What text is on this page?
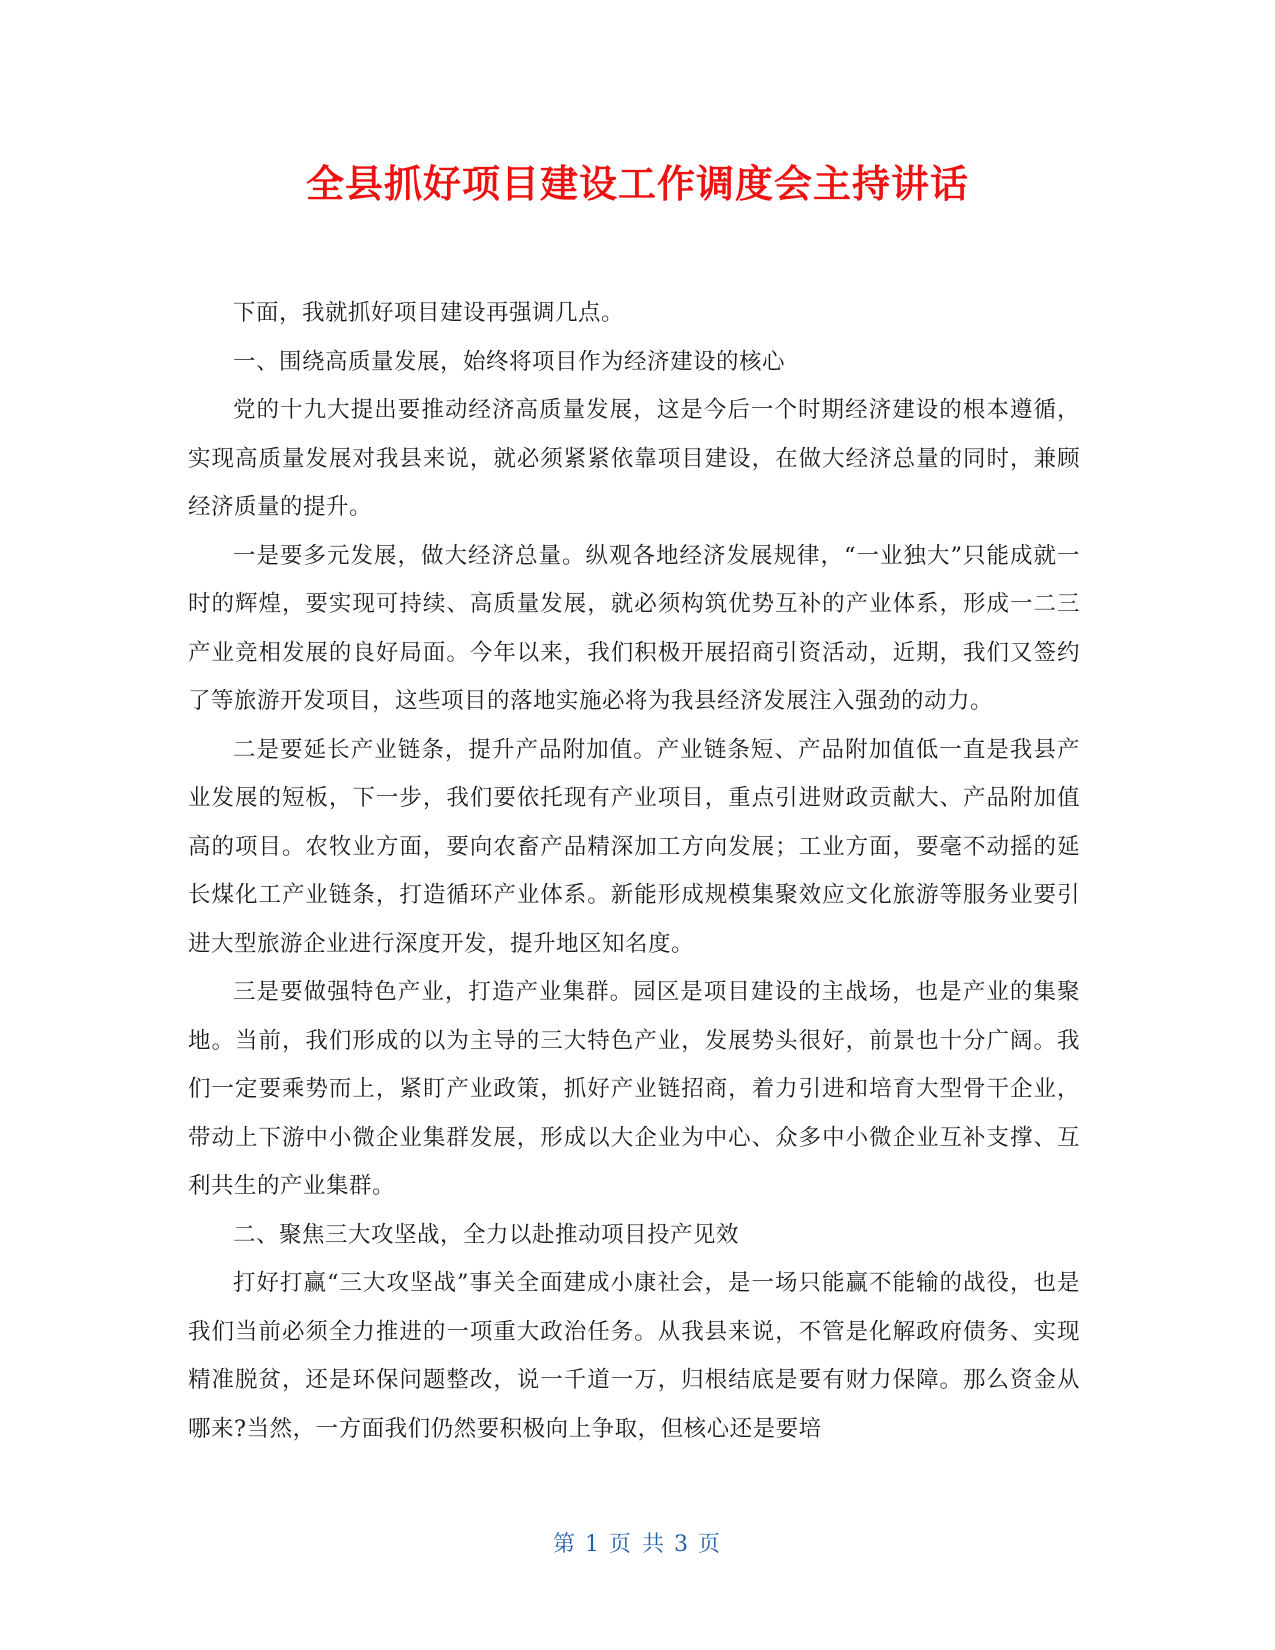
全县抓好项目建设工作调度会主持讲话

下面，我就抓好项目建设再强调几点。

一、围绕高质量发展，始终将项目作为经济建设的核心

党的十九大提出要推动经济高质量发展，这是今后一个时期经济建设的根本遵循，实现高质量发展对我县来说，就必须紧紧依靠项目建设，在做大经济总量的同时，兼顾经济质量的提升。

一是要多元发展，做大经济总量。纵观各地经济发展规律，“一业独大”只能成就一时的辉煌，要实现可持续、高质量发展，就必须构筑优势互补的产业体系，形成一二三产业竞相发展的良好局面。今年以来，我们积极开展招商引资活动，近期，我们又签约了等旅游开发项目，这些项目的落地实施必将为我县经济发展注入强劲的动力。

二是要延长产业链条，提升产品附加值。产业链条短、产品附加值低一直是我县产业发展的短板，下一步，我们要依托现有产业项目，重点引进财政贡献大、产品附加值高的项目。农牧业方面，要向农畜产品精深加工方向发展；工业方面，要毫不动摇的延长煤化工产业链条，打造循环产业体系。新能形成规模集聚效应文化旅游等服务业要引进大型旅游企业进行深度开发，提升地区知名度。

三是要做强特色产业，打造产业集群。园区是项目建设的主战场，也是产业的集聚地。当前，我们形成的以为主导的三大特色产业，发展势头很好，前景也十分广阔。我们一定要乘势而上，紧盯产业政策，抓好产业链招商，着力引进和培育大型骨干企业，带动上下游中小微企业集群发展，形成以大企业为中心、众多中小微企业互补支撑、互利共生的产业集群。

二、聚焦三大攻坚战，全力以赴推动项目投产见效

打好打赢“三大攻坚战”事关全面建成小康社会，是一场只能赢不能输的战役，也是我们当前必须全力推进的一项重大政治任务。从我县来说，不管是化解政府债务、实现精准脱贫，还是环保问题整改，说一千道一万，归根结底是要有财力保障。那么资金从哪来?当然，一方面我们仍然要积极向上争取，但核心还是要培

第 1 页 共 3 页
